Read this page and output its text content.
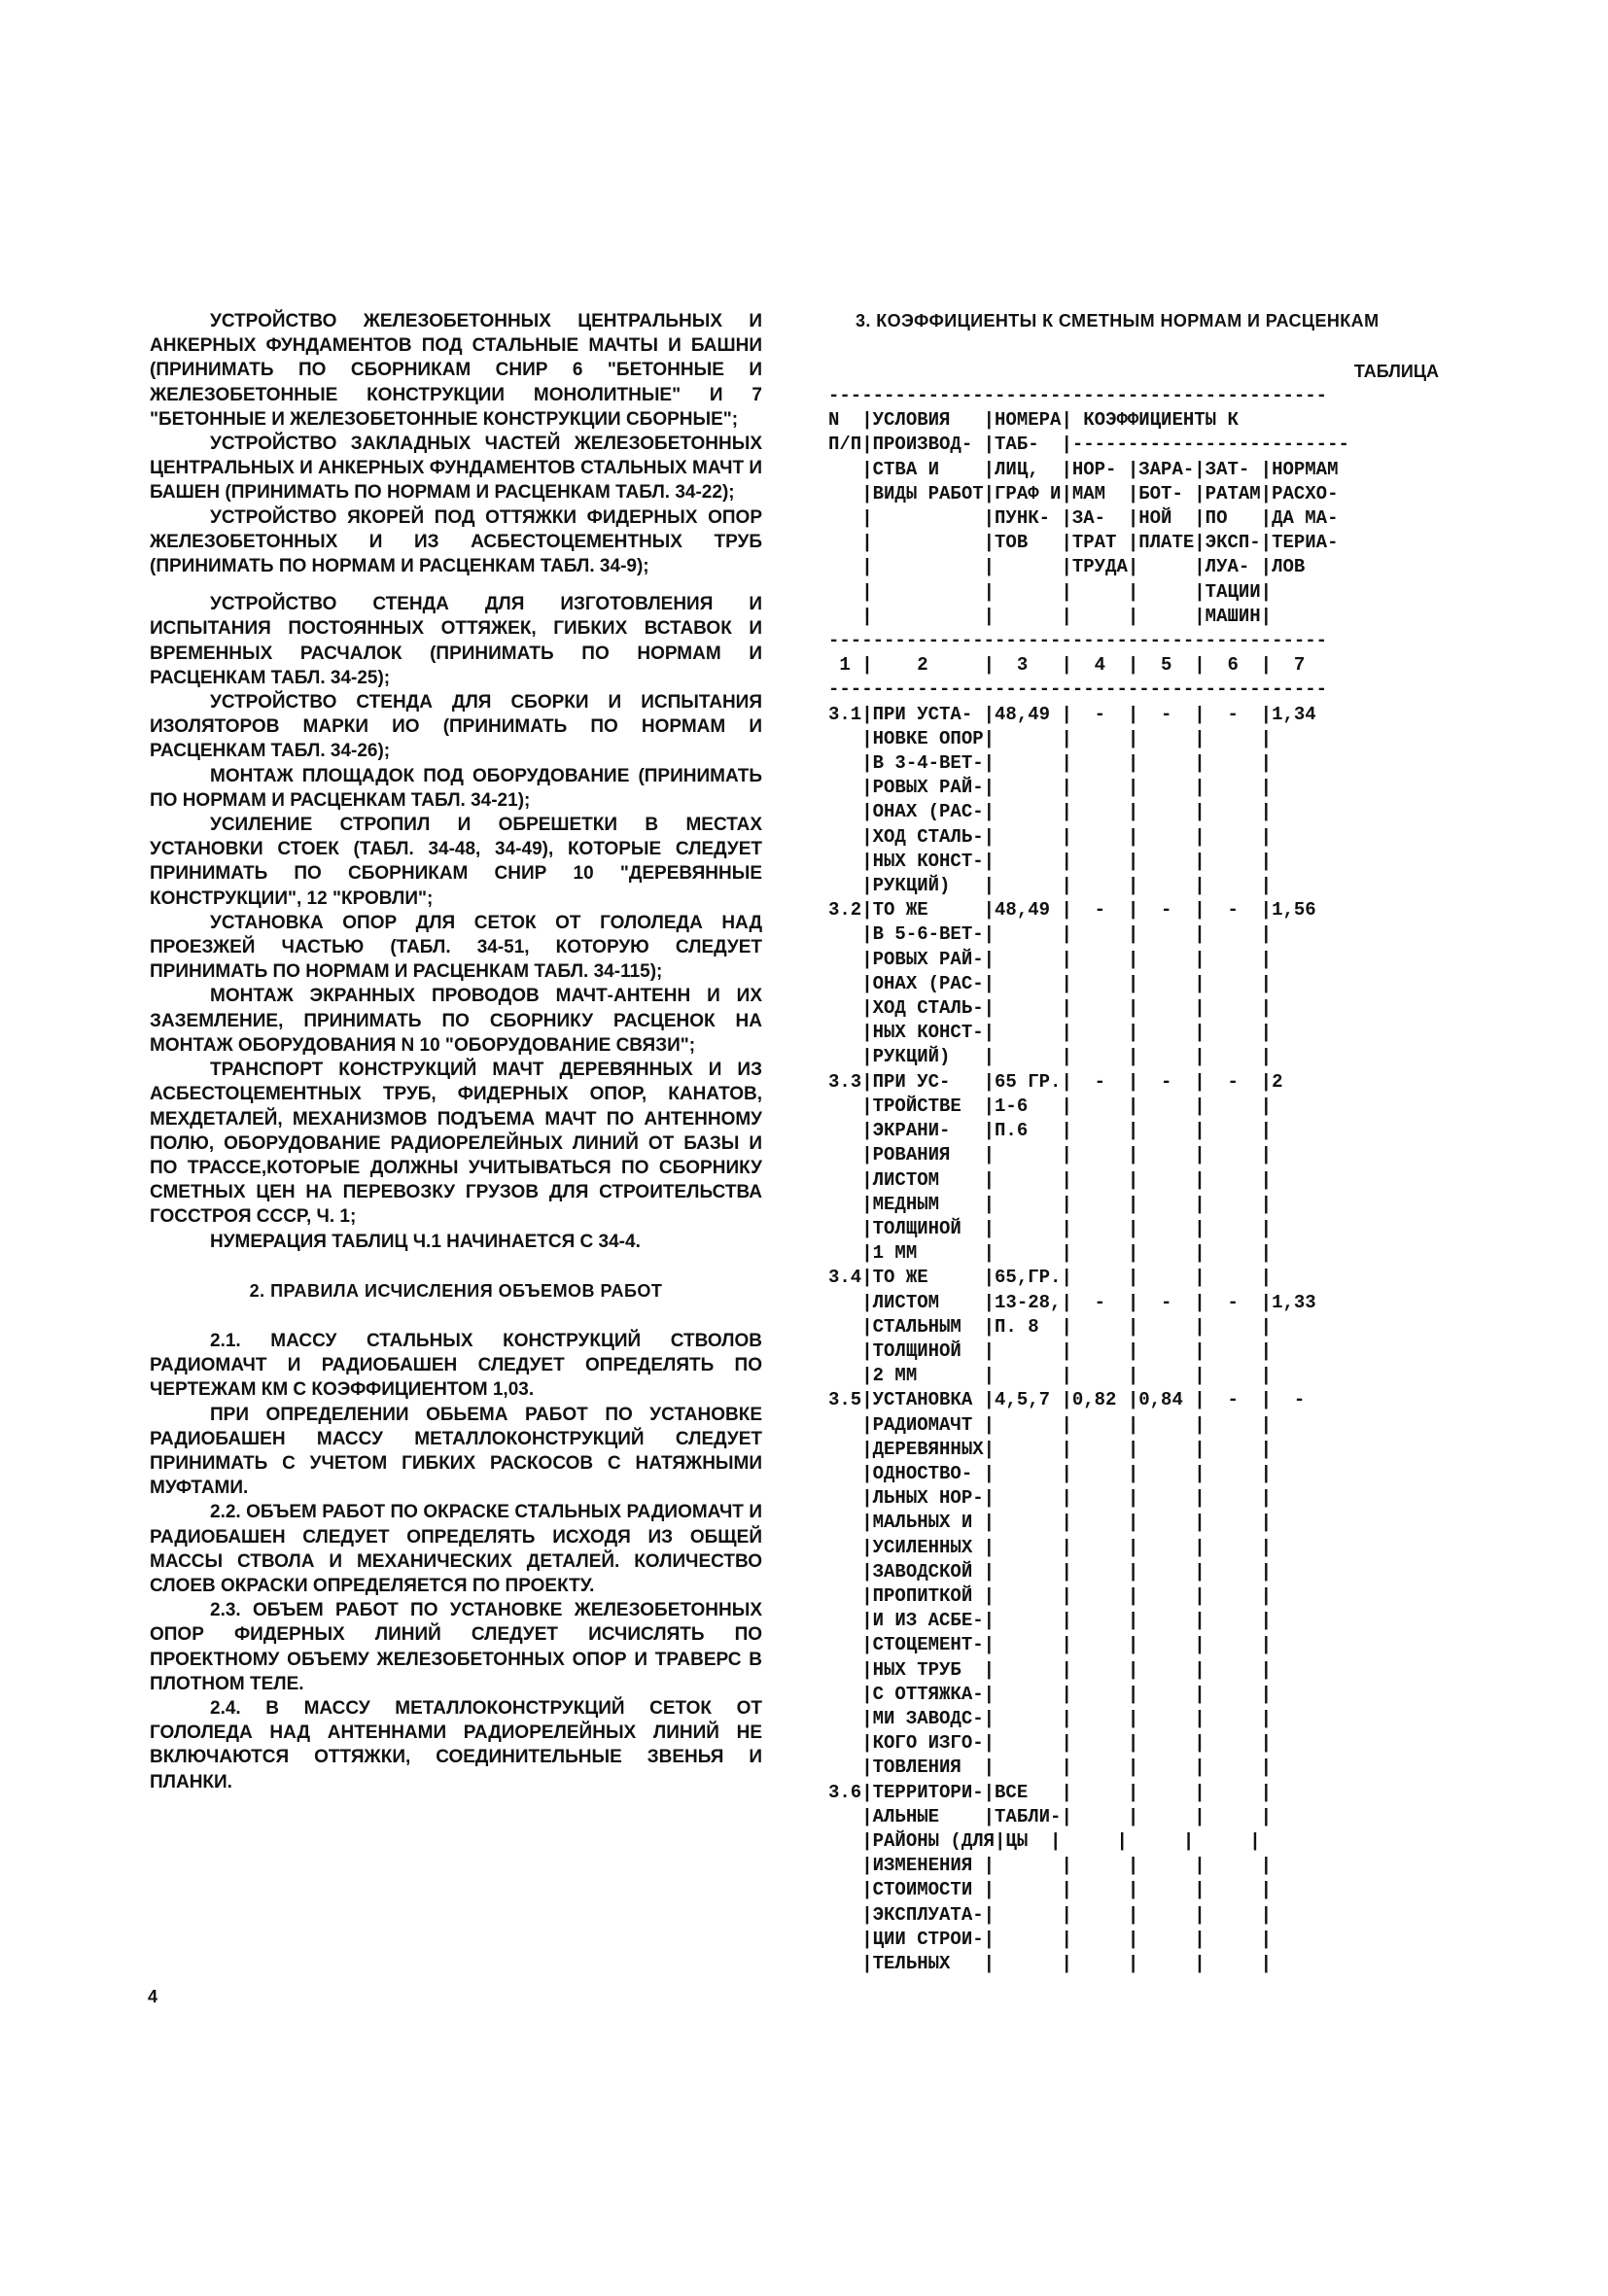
УСТРОЙСТВО ЖЕЛЕЗОБЕТОННЫХ ЦЕНТРАЛЬНЫХ И АНКЕРНЫХ ФУНДАМЕНТОВ ПОД СТАЛЬНЫЕ МАЧТЫ И БАШНИ (ПРИНИМАТЬ ПО СБОРНИКАМ СНИР 6 "БЕТОННЫЕ И ЖЕЛЕЗОБЕТОННЫЕ КОНСТРУКЦИИ МОНОЛИТНЫЕ" И 7 "БЕТОННЫЕ И ЖЕЛЕЗОБЕТОННЫЕ КОНСТРУКЦИИ СБОРНЫЕ";

УСТРОЙСТВО ЗАКЛАДНЫХ ЧАСТЕЙ ЖЕЛЕЗОБЕТОННЫХ ЦЕНТРАЛЬНЫХ И АНКЕРНЫХ ФУНДАМЕНТОВ СТАЛЬНЫХ МАЧТ И БАШЕН (ПРИНИМАТЬ ПО НОРМАМ И РАСЦЕНКАМ ТАБЛ. 34-22);

УСТРОЙСТВО ЯКОРЕЙ ПОД ОТТЯЖКИ ФИДЕРНЫХ ОПОР ЖЕЛЕЗОБЕТОННЫХ И ИЗ АСБЕСТОЦЕМЕНТНЫХ ТРУБ (ПРИНИМАТЬ ПО НОРМАМ И РАСЦЕНКАМ ТАБЛ. 34-9);

УСТРОЙСТВО СТЕНДА ДЛЯ ИЗГОТОВЛЕНИЯ И ИСПЫТАНИЯ ПОСТОЯННЫХ ОТТЯЖЕК, ГИБКИХ ВСТАВОК И ВРЕМЕННЫХ РАСЧАЛОК (ПРИНИМАТЬ ПО НОРМАМ И РАСЦЕНКАМ ТАБЛ. 34-25);

УСТРОЙСТВО СТЕНДА ДЛЯ СБОРКИ И ИСПЫТАНИЯ ИЗОЛЯТОРОВ МАРКИ ИО (ПРИНИМАТЬ ПО НОРМАМ И РАСЦЕНКАМ ТАБЛ. 34-26);

МОНТАЖ ПЛОЩАДОК ПОД ОБОРУДОВАНИЕ (ПРИНИМАТЬ ПО НОРМАМ И РАСЦЕНКАМ ТАБЛ. 34-21);

УСИЛЕНИЕ СТРОПИЛ И ОБРЕШЕТКИ В МЕСТАХ УСТАНОВКИ СТОЕК (ТАБЛ. 34-48, 34-49), КОТОРЫЕ СЛЕДУЕТ ПРИНИМАТЬ ПО СБОРНИКАМ СНИР 10 "ДЕРЕВЯННЫЕ КОНСТРУКЦИИ", 12 "КРОВЛИ";

УСТАНОВКА ОПОР ДЛЯ СЕТОК ОТ ГОЛОЛЕДА НАД ПРОЕЗЖЕЙ ЧАСТЬЮ (ТАБЛ. 34-51, КОТОРУЮ СЛЕДУЕТ ПРИНИМАТЬ ПО НОРМАМ И РАСЦЕНКАМ ТАБЛ. 34-115);

МОНТАЖ ЭКРАННЫХ ПРОВОДОВ МАЧТ-АНТЕНН И ИХ ЗАЗЕМЛЕНИЕ, ПРИНИМАТЬ ПО СБОРНИКУ РАСЦЕНОК НА МОНТАЖ ОБОРУДОВАНИЯ N 10 "ОБОРУДОВАНИЕ СВЯЗИ";

ТРАНСПОРТ КОНСТРУКЦИЙ МАЧТ ДЕРЕВЯННЫХ И ИЗ АСБЕСТОЦЕМЕНТНЫХ ТРУБ, ФИДЕРНЫХ ОПОР, КАНАТОВ, МЕХДЕТАЛЕЙ, МЕХАНИЗМОВ ПОДЪЕМА МАЧТ ПО АНТЕННОМУ ПОЛЮ, ОБОРУДОВАНИЕ РАДИОРЕЛЕЙНЫХ ЛИНИЙ ОТ БАЗЫ И ПО ТРАССЕ,КОТОРЫЕ ДОЛЖНЫ УЧИТЫВАТЬСЯ ПО СБОРНИКУ СМЕТНЫХ ЦЕН НА ПЕРЕВОЗКУ ГРУЗОВ ДЛЯ СТРОИТЕЛЬСТВА ГОССТРОЯ СССР, Ч. 1;

НУМЕРАЦИЯ ТАБЛИЦ Ч.1 НАЧИНАЕТСЯ С 34-4.

2. ПРАВИЛА ИСЧИСЛЕНИЯ ОБЪЕМОВ РАБОТ

2.1. МАССУ СТАЛЬНЫХ КОНСТРУКЦИЙ СТВОЛОВ РАДИОМАЧТ И РАДИОБАШЕН СЛЕДУЕТ ОПРЕДЕЛЯТЬ ПО ЧЕРТЕЖАМ КМ С КОЭФФИЦИЕНТОМ 1,03.

ПРИ ОПРЕДЕЛЕНИИ ОБЬЕМА РАБОТ ПО УСТАНОВКЕ РАДИОБАШЕН МАССУ МЕТАЛЛОКОНСТРУКЦИЙ СЛЕДУЕТ ПРИНИМАТЬ С УЧЕТОМ ГИБКИХ РАСКОСОВ С НАТЯЖНЫМИ МУФТАМИ.

2.2. ОБЪЕМ РАБОТ ПО ОКРАСКЕ СТАЛЬНЫХ РАДИОМАЧТ И РАДИОБАШЕН СЛЕДУЕТ ОПРЕДЕЛЯТЬ ИСХОДЯ ИЗ ОБЩЕЙ МАССЫ СТВОЛА И МЕХАНИЧЕСКИХ ДЕТАЛЕЙ. КОЛИЧЕСТВО СЛОЕВ ОКРАСКИ ОПРЕДЕЛЯЕТСЯ ПО ПРОЕКТУ.

2.3. ОБЪЕМ РАБОТ ПО УСТАНОВКЕ ЖЕЛЕЗОБЕТОННЫХ ОПОР ФИДЕРНЫХ ЛИНИЙ СЛЕДУЕТ ИСЧИСЛЯТЬ ПО ПРОЕКТНОМУ ОБЪЕМУ ЖЕЛЕЗОБЕТОННЫХ ОПОР И ТРАВЕРС В ПЛОТНОМ ТЕЛЕ.

2.4. В МАССУ МЕТАЛЛОКОНСТРУКЦИЙ СЕТОК ОТ ГОЛОЛЕДА НАД АНТЕННАМИ РАДИОРЕЛЕЙНЫХ ЛИНИЙ НЕ ВКЛЮЧАЮТСЯ ОТТЯЖКИ, СОЕДИНИТЕЛЬНЫЕ ЗВЕНЬЯ И ПЛАНКИ.

3. КОЭФФИЦИЕНТЫ К СМЕТНЫМ НОРМАМ И РАСЦЕНКАМ
ТАБЛИЦА
---------------------------------------------
N  |УСЛОВИЯ   |НОМЕРА| КОЭФФИЦИЕНТЫ К
П/П|ПРОИЗВОД- |ТАБ-  |-------------------------
|СТВА И    |ЛИЦ,  |НОР- |ЗАРА-|ЗАТ- |НОРМАМ
|ВИДЫ РАБОТ|ГРАФ И|МАМ  |БОТ- |РАТАМ|РАСХО-
|          |ПУНК- |ЗА-  |НОЙ  |ПО   |ДА МА-
|          |ТОВ   |ТРАТ |ПЛАТЕ|ЭКСП-|ТЕРИА-
|          |      |ТРУДА|     |ЛУА- |ЛОВ
|          |      |     |     |ТАЦИИ|
|          |      |     |     |МАШИН|
---------------------------------------------
1 |    2     |  3   |  4  |  5  |  6  |  7
---------------------------------------------
3.1|ПРИ УСТА- |48,49 |  -  |  -  |  -  |1,34
|НОВКЕ ОПОР|      |     |     |     |
|В 3-4-ВЕТ-|      |     |     |     |
|РОВЫХ РАЙ-|      |     |     |     |
|ОНАХ (РАС-|      |     |     |     |
|ХОД СТАЛЬ-|      |     |     |     |
|НЫХ КОНСТ-|      |     |     |     |
|РУКЦИЙ)   |      |     |     |     |
3.2|ТО ЖЕ     |48,49 |  -  |  -  |  -  |1,56
|В 5-6-ВЕТ-|      |     |     |     |
|РОВЫХ РАЙ-|      |     |     |     |
|ОНАХ (РАС-|      |     |     |     |
|ХОД СТАЛЬ-|      |     |     |     |
|НЫХ КОНСТ-|      |     |     |     |
|РУКЦИЙ)   |      |     |     |     |
3.3|ПРИ УС-   |65 ГР.|  -  |  -  |  -  |2
|ТРОЙСТВЕ  |1-6   |     |     |     |
|ЭКРАНИ-   |П.6   |     |     |     |
|РОВАНИЯ   |      |     |     |     |
|ЛИСТОМ    |      |     |     |     |
|МЕДНЫМ    |      |     |     |     |
|ТОЛЩИНОЙ  |      |     |     |     |
|1 ММ      |      |     |     |     |
3.4|ТО ЖЕ     |65,ГР.|     |     |     |
|ЛИСТОМ    |13-28,|  -  |  -  |  -  |1,33
|СТАЛЬНЫМ  |П. 8  |     |     |     |
|ТОЛЩИНОЙ  |      |     |     |     |
|2 ММ      |      |     |     |     |
3.5|УСТАНОВКА |4,5,7 |0,82 |0,84 |  -  |  -
|РАДИОМАЧТ |      |     |     |     |
|ДЕРЕВЯННЫХ|      |     |     |     |
|ОДНОСТВО- |      |     |     |     |
|ЛЬНЫХ НОР-|      |     |     |     |
|МАЛЬНЫХ И |      |     |     |     |
|УСИЛЕННЫХ |      |     |     |     |
|ЗАВОДСКОЙ |      |     |     |     |
|ПРОПИТКОЙ |      |     |     |     |
|И ИЗ АСБЕ-|      |     |     |     |
|СТОЦЕМЕНТ-|      |     |     |     |
|НЫХ ТРУБ  |      |     |     |     |
|С ОТТЯЖКА-|      |     |     |     |
|МИ ЗАВОДС-|      |     |     |     |
|КОГО ИЗГО-|      |     |     |     |
|ТОВЛЕНИЯ  |      |     |     |     |
3.6|ТЕРРИТОРИ-|ВСЕ   |     |     |     |
|АЛЬНЫЕ    |ТАБЛИ-|     |     |     |
|РАЙОНЫ (ДЛЯ|ЦЫ  |     |     |     |
|ИЗМЕНЕНИЯ |      |     |     |     |
|СТОИМОСТИ |      |     |     |     |
|ЭКСПЛУАТА-|      |     |     |     |
|ЦИИ СТРОИ-|      |     |     |     |
|ТЕЛЬНЫХ   |      |     |     |     |
4
